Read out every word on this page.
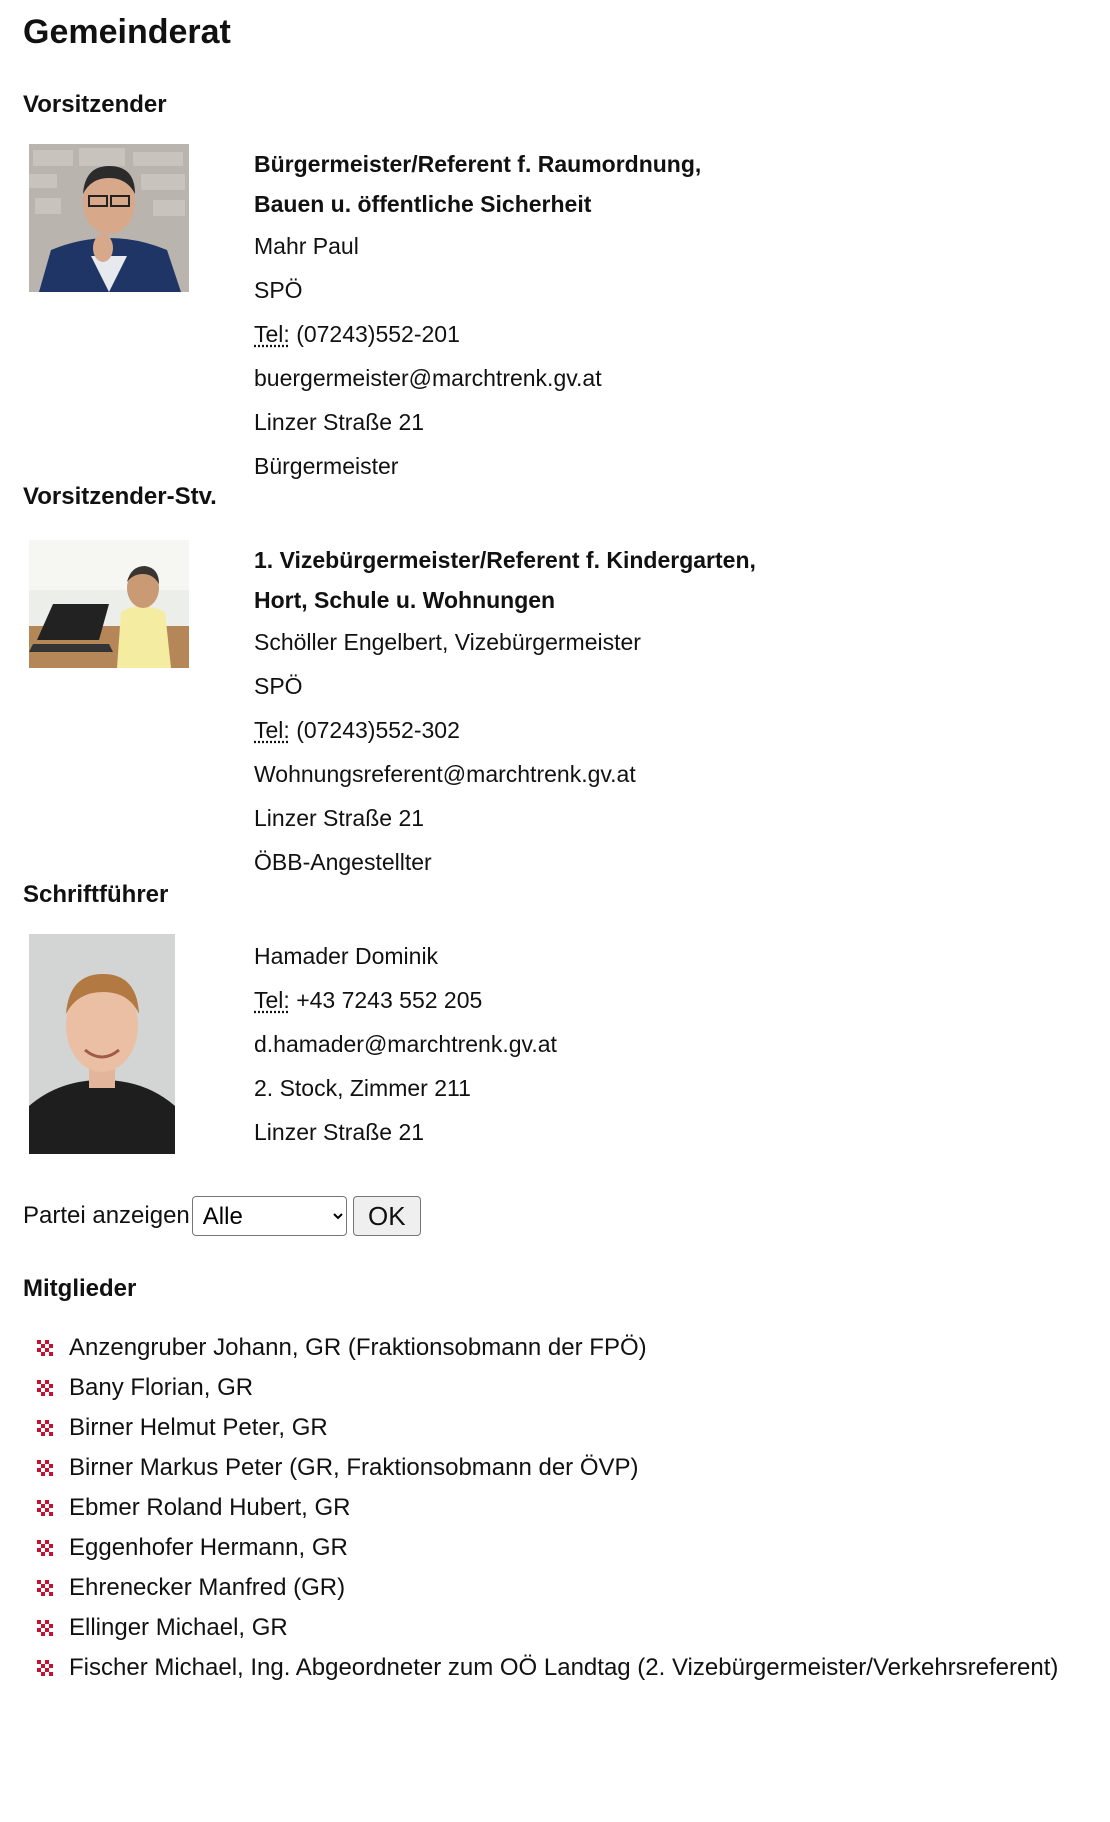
Gemeinderat
Vorsitzender
Bürgermeister/Referent f. Raumordnung,
Bauen u. öffentliche Sicherheit
Mahr Paul
SPÖ
Tel: (07243)552-201
buergermeister@marchtrenk.gv.at
Linzer Straße 21
Bürgermeister
Vorsitzender-Stv.
1. Vizebürgermeister/Referent f. Kindergarten,
Hort, Schule u. Wohnungen
Schöller Engelbert, Vizebürgermeister
SPÖ
Tel: (07243)552-302
Wohnungsreferent@marchtrenk.gv.at
Linzer Straße 21
ÖBB-Angestellter
Schriftführer
Hamader Dominik
Tel: +43 7243 552 205
d.hamader@marchtrenk.gv.at
2. Stock, Zimmer 211
Linzer Straße 21
Partei anzeigen
Alle	OK
Mitglieder
Anzengruber Johann, GR (Fraktionsobmann der FPÖ)
Bany Florian, GR
Birner Helmut Peter, GR
Birner Markus Peter (GR, Fraktionsobmann der ÖVP)
Ebmer Roland Hubert, GR
Eggenhofer Hermann, GR
Ehrenecker Manfred (GR)
Ellinger Michael, GR
Fischer Michael, Ing. Abgeordneter zum OÖ Landtag (2. Vizebürgermeister/Verkehrsreferent)
